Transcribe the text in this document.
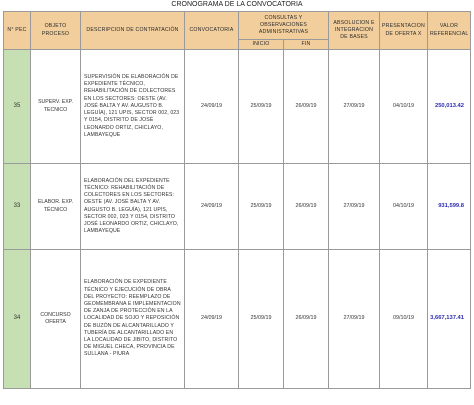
CRONOGRAMA DE LA CONVOCATORIA
N° PEC	OBJETO PROCESO	DESCRIPCION DE CONTRATACIÓN	CONVOCATORIA	CONSULTAS Y OBSERVACIONES ADMINISTRATIVAS		ABSOLUCION E INTEGRACION DE BASES	PRESENTACION DE OFERTA X	VALOR REFERENCIAL
				INICIO	FIN			
35	SUPERV. EXP. TECNICO	SUPERVISIÓN DE ELABORACIÓN DE EXPEDIENTE TÉCNICO, REHABILITACIÓN DE COLECTORES EN LOS SECTORES: OESTE (AV. JOSÉ BALTA Y AV. AUGUSTO B. LEGUÍA), 121 UPIS, SECTOR 002, 023 Y 0154, DISTRITO DE JOSÉ LEONARDO ORTIZ, CHICLAYO, LAMBAYEQUE	24/09/19	25/09/19	26/09/19	27/09/19	04/10/19	250,013.42
33	ELABOR. EXP. TÉCNICO	ELABORACIÓN DEL EXPEDIENTE TÉCNICO: REHABILITACIÓN DE COLECTORES EN LOS SECTORES: OESTE (AV. JOSÉ BALTA Y AV. AUGUSTO B. LEGUÍA), 121 UPIS, SECTOR 002, 023 Y 0154, DISTRITO JOSÉ LEONARDO ORTIZ, CHICLAYO, LAMBAYEQUE	24/09/19	25/09/19	26/09/19	27/09/19	04/10/19	931,599.8
34	CONCURSO OFERTA	ELABORACIÓN DE EXPEDIENTE TÉCNICO Y EJECUCIÓN DE OBRA DEL PROYECTO: REEMPLAZO DE GEOMEMBRANA E IMPLEMENTACION DE ZANJA DE PROTECCIÓN EN LA LOCALIDAD DE SOJO Y REPOSICIÓN DE BUZÓN DE ALCANTARILLADO Y TUBERÍA DE ALCANTARILLADO EN LA LOCALIDAD DE JIBITO, DISTRITO DE MIGUEL CHECA, PROVINCIA DE SULLANA - PIURA	24/09/19	25/09/19	26/09/19	27/09/19	09/10/19	3,667,137.41
